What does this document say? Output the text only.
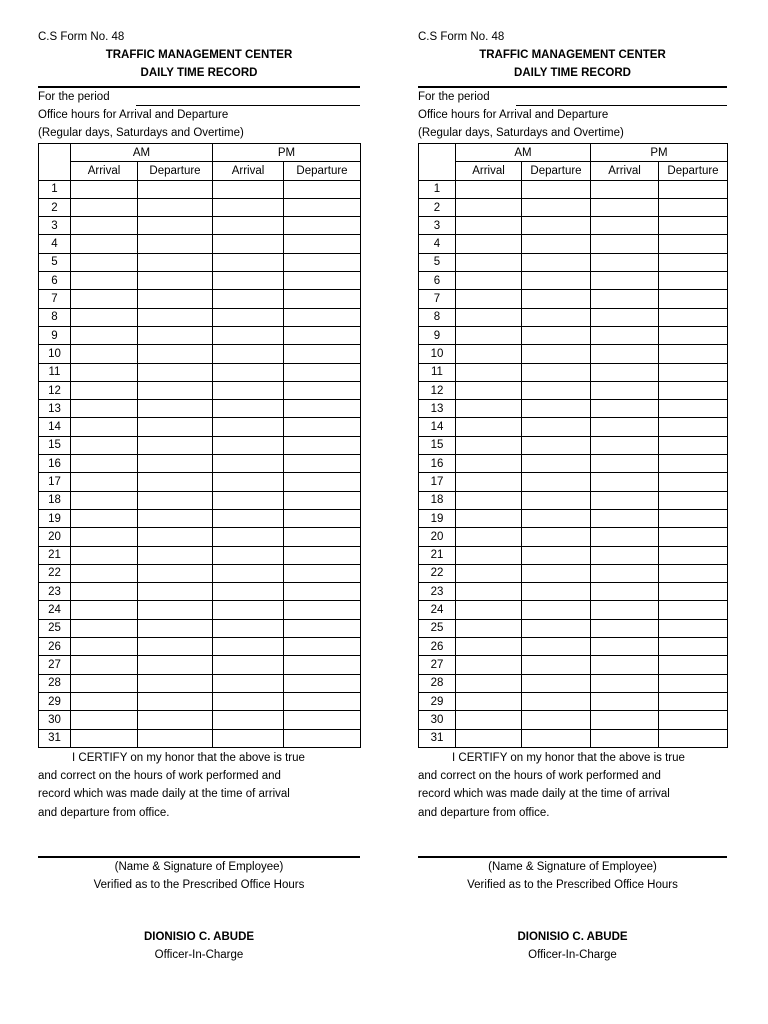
C.S Form No. 48
TRAFFIC MANAGEMENT CENTER
DAILY TIME RECORD
For the period
Office hours for Arrival and Departure
(Regular days, Saturdays and Overtime)
	AM		PM	
	Arrival	Departure	Arrival	Departure
1				
2				
3				
4				
5				
6				
7				
8				
9				
10				
11				
12				
13				
14				
15				
16				
17				
18				
19				
20				
21				
22				
23				
24				
25				
26				
27				
28				
29				
30				
31				
I CERTIFY on my honor that the above is true
and correct on the hours of work performed and
record which was made daily at the time of arrival
and departure from office.
(Name & Signature of Employee)
Verified as to the Prescribed Office Hours
DIONISIO C. ABUDE
Officer-In-Charge
C.S Form No. 48
TRAFFIC MANAGEMENT CENTER
DAILY TIME RECORD
For the period
Office hours for Arrival and Departure
(Regular days, Saturdays and Overtime)
	AM		PM	
	Arrival	Departure	Arrival	Departure
1				
2				
3				
4				
5				
6				
7				
8				
9				
10				
11				
12				
13				
14				
15				
16				
17				
18				
19				
20				
21				
22				
23				
24				
25				
26				
27				
28				
29				
30				
31				
I CERTIFY on my honor that the above is true
and correct on the hours of work performed and
record which was made daily at the time of arrival
and departure from office.
(Name & Signature of Employee)
Verified as to the Prescribed Office Hours
DIONISIO C. ABUDE
Officer-In-Charge
